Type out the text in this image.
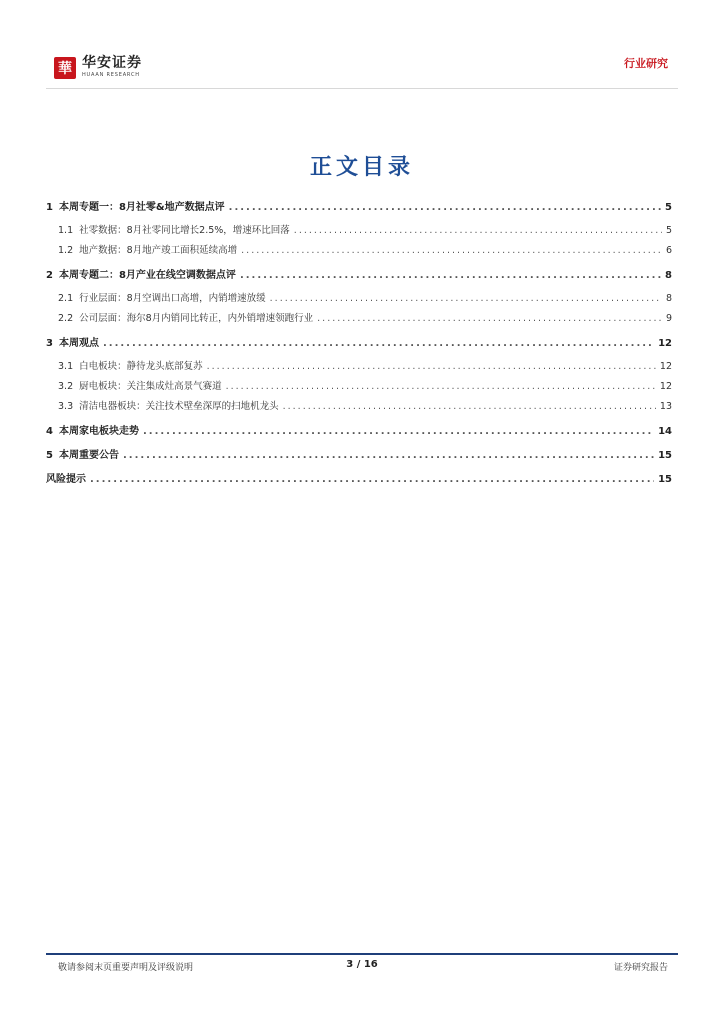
華 华安证券
HUAAN RESEARCH
行业研究
正文目录
1 本周专题一：8月社零&地产数据点评 .....	5
1.1 社零数据：8月社零同比增长2.5%，增速环比回落 .....	5
1.2 地产数据：8月地产竣工面积延续高增 .....	6
2 本周专题二：8月产业在线空调数据点评 .....	8
2.1 行业层面：8月空调出口高增，内销增速放缓 .....	8
2.2 公司层面：海尔8月内销同比转正，内外销增速领跑行业 .....	9
3 本周观点 .....	12
3.1 白电板块：静待龙头底部复苏 .....	12
3.2 厨电板块：关注集成灶高景气赛道 .....	12
3.3 清洁电器板块：关注技术壁垒深厚的扫地机龙头 .....	13
4 本周家电板块走势 .....	14
5 本周重要公告 .....	15
风险提示 .....	15
敬请参阅末页重要声明及评级说明	3 / 16	证券研究报告
